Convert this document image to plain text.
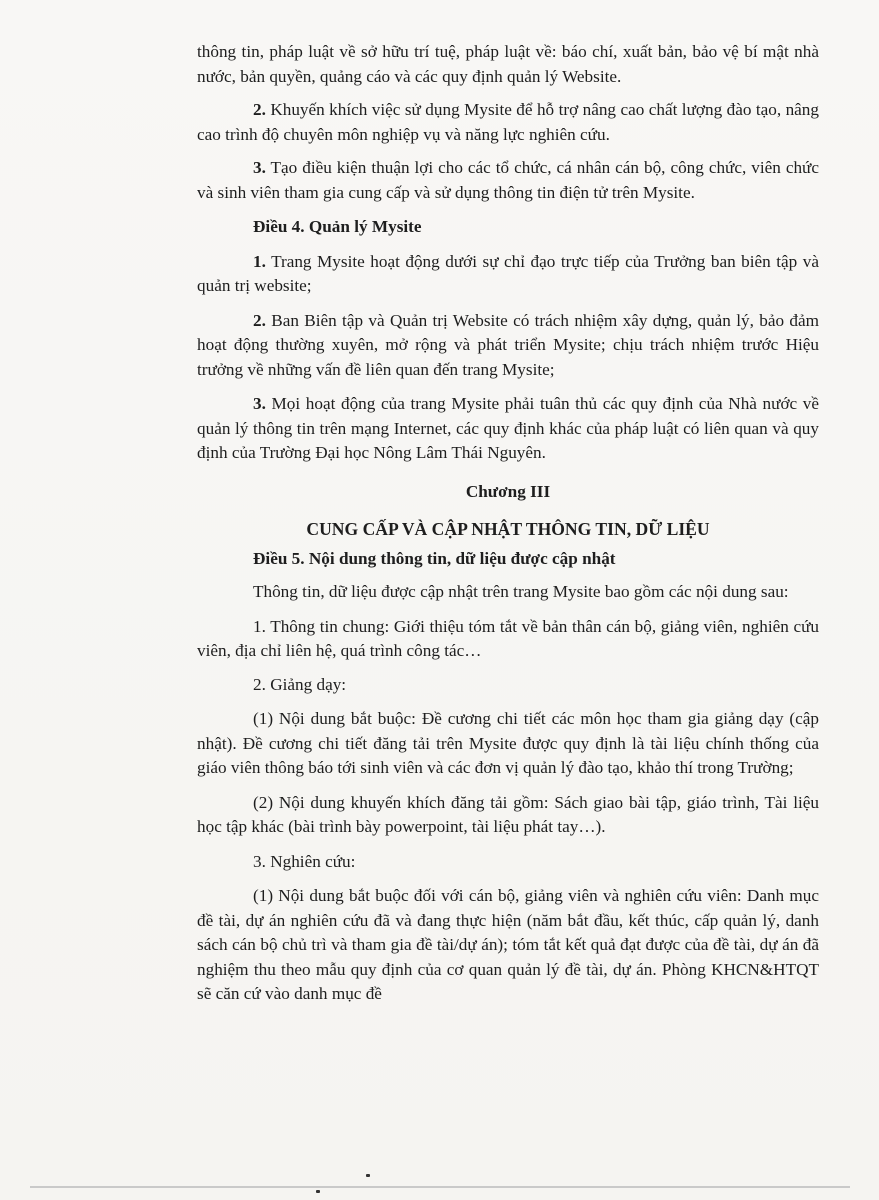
thông tin, pháp luật về sở hữu trí tuệ, pháp luật về: báo chí, xuất bản, bảo vệ bí mật nhà nước, bản quyền, quảng cáo và các quy định quản lý Website.

2. Khuyến khích việc sử dụng Mysite để hỗ trợ nâng cao chất lượng đào tạo, nâng cao trình độ chuyên môn nghiệp vụ và năng lực nghiên cứu.

3. Tạo điều kiện thuận lợi cho các tổ chức, cá nhân cán bộ, công chức, viên chức và sinh viên tham gia cung cấp và sử dụng thông tin điện tử trên Mysite.

Điều 4. Quản lý Mysite

1. Trang Mysite hoạt động dưới sự chỉ đạo trực tiếp của Trưởng ban biên tập và quản trị website;

2. Ban Biên tập và Quản trị Website có trách nhiệm xây dựng, quản lý, bảo đảm hoạt động thường xuyên, mở rộng và phát triển Mysite; chịu trách nhiệm trước Hiệu trưởng về những vấn đề liên quan đến trang Mysite;

3. Mọi hoạt động của trang Mysite phải tuân thủ các quy định của Nhà nước về quản lý thông tin trên mạng Internet, các quy định khác của pháp luật có liên quan và quy định của Trường Đại học Nông Lâm Thái Nguyên.

Chương III

CUNG CẤP VÀ CẬP NHẬT THÔNG TIN, DỮ LIỆU

Điều 5. Nội dung thông tin, dữ liệu được cập nhật

Thông tin, dữ liệu được cập nhật trên trang Mysite bao gồm các nội dung sau:

1. Thông tin chung: Giới thiệu tóm tắt về bản thân cán bộ, giảng viên, nghiên cứu viên, địa chỉ liên hệ, quá trình công tác…

2. Giảng dạy:

(1) Nội dung bắt buộc: Đề cương chi tiết các môn học tham gia giảng dạy (cập nhật). Đề cương chi tiết đăng tải trên Mysite được quy định là tài liệu chính thống của giáo viên thông báo tới sinh viên và các đơn vị quản lý đào tạo, khảo thí trong Trường;

(2) Nội dung khuyến khích đăng tải gồm: Sách giao bài tập, giáo trình, Tài liệu học tập khác (bài trình bày powerpoint, tài liệu phát tay…).

3. Nghiên cứu:

(1) Nội dung bắt buộc đối với cán bộ, giảng viên và nghiên cứu viên: Danh mục đề tài, dự án nghiên cứu đã và đang thực hiện (năm bắt đầu, kết thúc, cấp quản lý, danh sách cán bộ chủ trì và tham gia đề tài/dự án); tóm tắt kết quả đạt được của đề tài, dự án đã nghiệm thu theo mẫu quy định của cơ quan quản lý đề tài, dự án. Phòng KHCN&HTQT sẽ căn cứ vào danh mục đề
